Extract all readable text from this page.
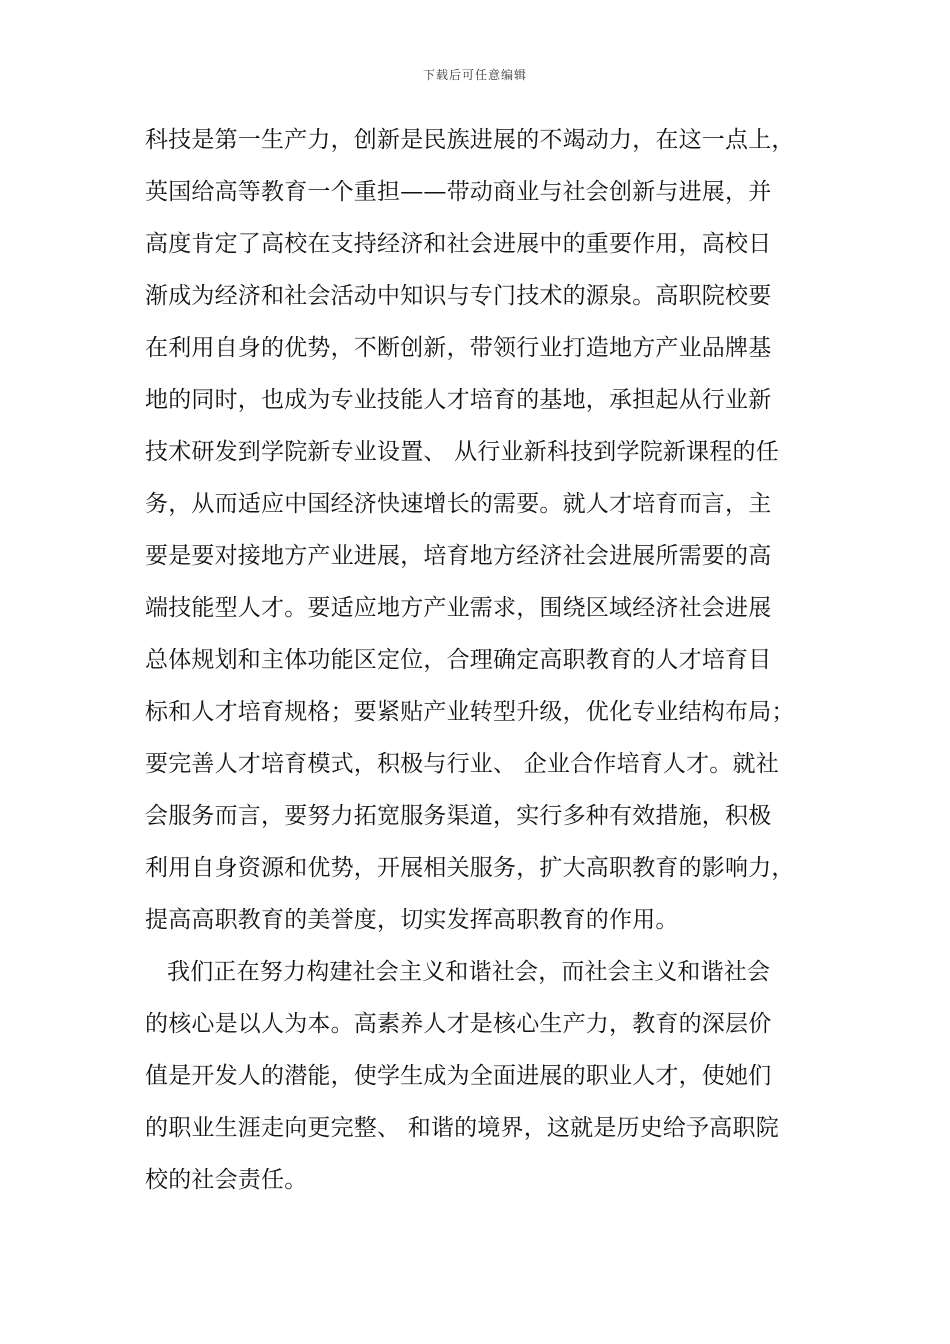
下载后可任意编辑
科技是第一生产力，创新是民族进展的不竭动力，在这一点上，
英国给高等教育一个重担——带动商业与社会创新与进展，并
高度肯定了高校在支持经济和社会进展中的重要作用，高校日
渐成为经济和社会活动中知识与专门技术的源泉。高职院校要
在利用自身的优势，不断创新，带领行业打造地方产业品牌基
地的同时，也成为专业技能人才培育的基地，承担起从行业新
技术研发到学院新专业设置、 从行业新科技到学院新课程的任
务，从而适应中国经济快速增长的需要。就人才培育而言，主
要是要对接地方产业进展，培育地方经济社会进展所需要的高
端技能型人才。要适应地方产业需求，围绕区域经济社会进展
总体规划和主体功能区定位，合理确定高职教育的人才培育目
标和人才培育规格；要紧贴产业转型升级，优化专业结构布局；
要完善人才培育模式，积极与行业、 企业合作培育人才。就社
会服务而言，要努力拓宽服务渠道，实行多种有效措施，积极
利用自身资源和优势，开展相关服务，扩大高职教育的影响力，
提高高职教育的美誉度，切实发挥高职教育的作用。
我们正在努力构建社会主义和谐社会，而社会主义和谐社会
的核心是以人为本。高素养人才是核心生产力，教育的深层价
值是开发人的潜能，使学生成为全面进展的职业人才，使她们
的职业生涯走向更完整、 和谐的境界，这就是历史给予高职院
校的社会责任。
